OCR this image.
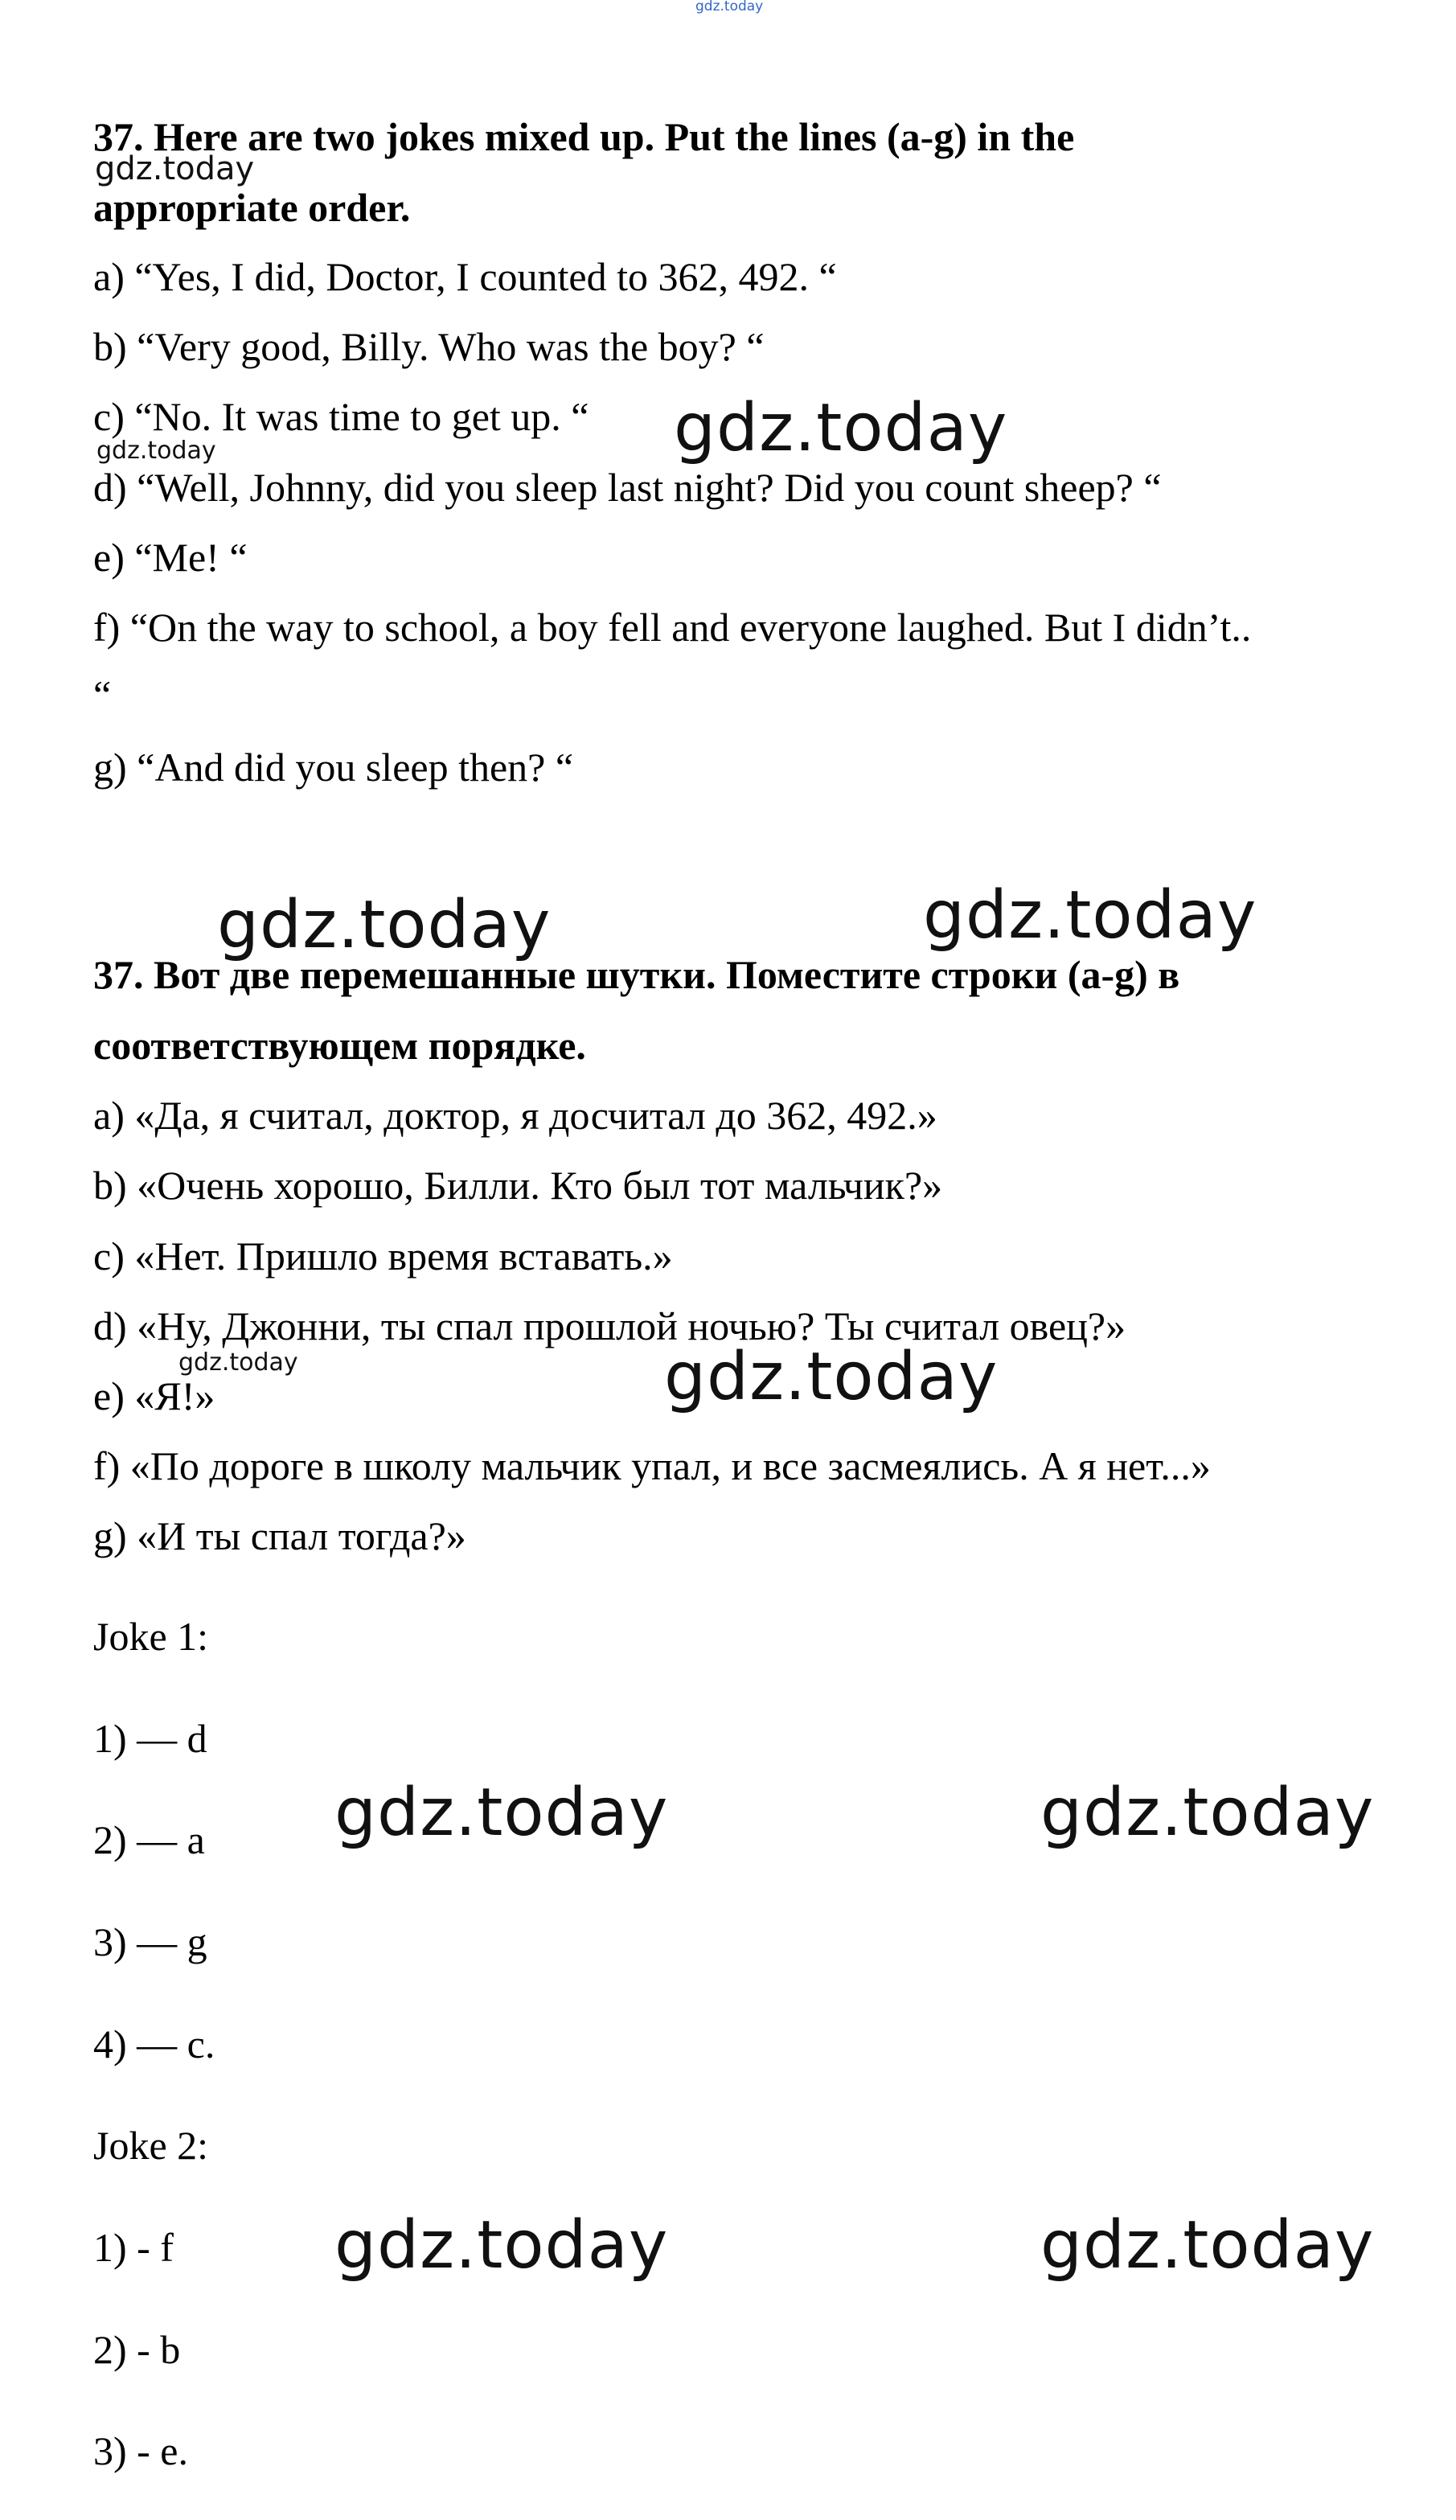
gdz.today
gdz.today
gdz.today
gdz.today
gdz.today	gdz.today
gdz.today	gdz.today
gdz.today	gdz.today
gdz.today	gdz.today
37. Here are two jokes mixed up. Put the lines (a-g) in the
appropriate order.
a) “Yes, I did, Doctor, I counted to 362, 492. “
b) “Very good, Billy. Who was the boy? “
c) “No. It was time to get up. “
d) “Well, Johnny, did you sleep last night? Did you count sheep? “
e) “Me! “
f) “On the way to school, a boy fell and everyone laughed. But I didn’t..
“
g) “And did you sleep then? “
37. Вот две перемешанные шутки. Поместите строки (a-g) в
соответствующем порядке.
a) «Да, я считал, доктор, я досчитал до 362, 492.»
b) «Очень хорошо, Билли. Кто был тот мальчик?»
c) «Нет. Пришло время вставать.»
d) «Ну, Джонни, ты спал прошлой ночью? Ты считал овец?»
e) «Я!»
f) «По дороге в школу мальчик упал, и все засмеялись. А я нет...»
g) «И ты спал тогда?»
Joke 1:
1) — d
2) — a
3) — g
4) — c.
Joke 2:
1) - f
2) - b
3) - e.
